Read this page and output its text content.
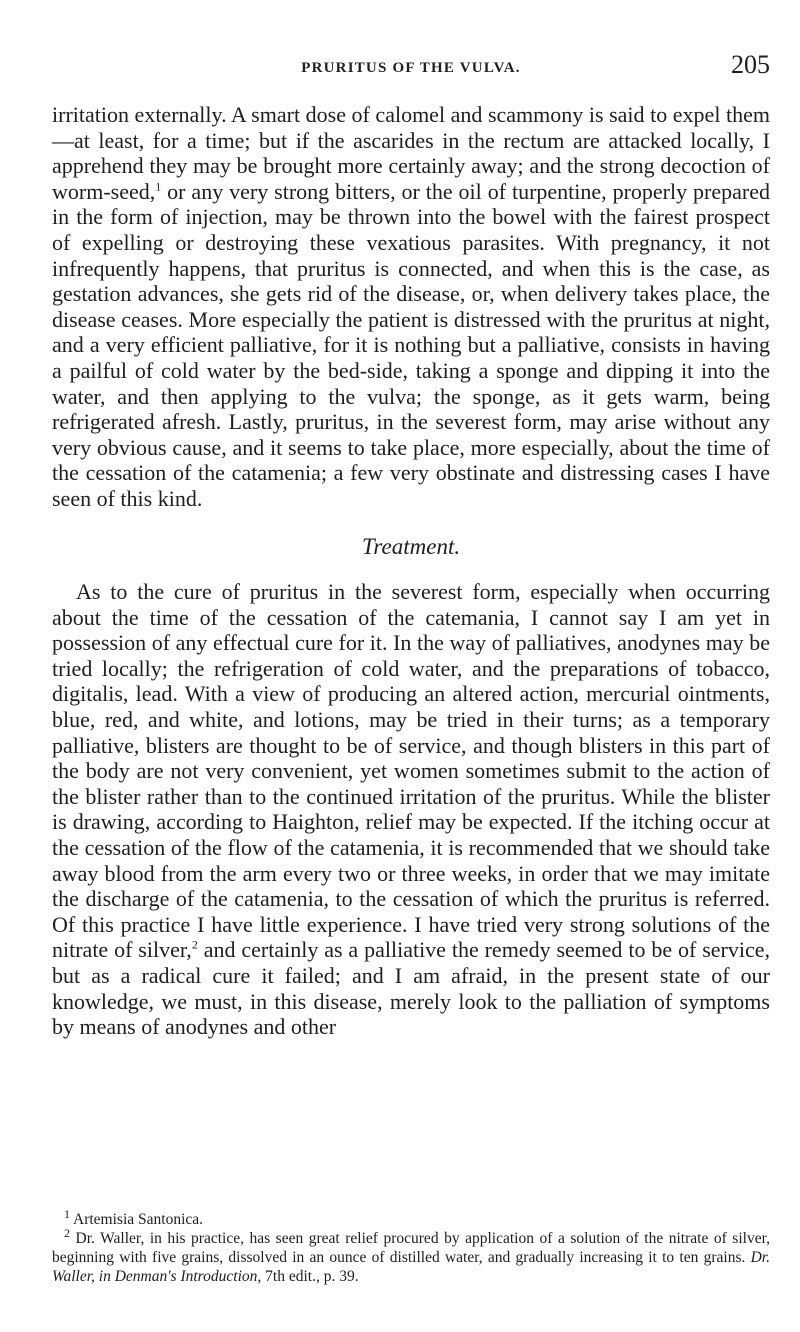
PRURITUS OF THE VULVA.	205

irritation externally. A smart dose of calomel and scammony is said to expel them—at least, for a time; but if the ascarides in the rectum are attacked locally, I apprehend they may be brought more certainly away; and the strong decoction of worm-seed,$^1$ or any very strong bitters, or the oil of turpentine, properly prepared in the form of injection, may be thrown into the bowel with the fairest prospect of expelling or destroying these vexatious parasites. With pregnancy, it not infrequently happens, that pruritus is connected, and when this is the case, as gestation advances, she gets rid of the disease, or, when delivery takes place, the disease ceases. More especially the patient is distressed with the pruritus at night, and a very efficient palliative, for it is nothing but a palliative, consists in having a pailful of cold water by the bed-side, taking a sponge and dipping it into the water, and then applying to the vulva; the sponge, as it gets warm, being refrigerated afresh. Lastly, pruritus, in the severest form, may arise without any very obvious cause, and it seems to take place, more especially, about the time of the cessation of the catamenia; a few very obstinate and distressing cases I have seen of this kind.

Treatment.

As to the cure of pruritus in the severest form, especially when occurring about the time of the cessation of the catemania, I cannot say I am yet in possession of any effectual cure for it. In the way of palliatives, anodynes may be tried locally; the refrigeration of cold water, and the preparations of tobacco, digitalis, lead. With a view of producing an altered action, mercurial ointments, blue, red, and white, and lotions, may be tried in their turns; as a temporary palliative, blisters are thought to be of service, and though blisters in this part of the body are not very convenient, yet women sometimes submit to the action of the blister rather than to the continued irritation of the pruritus. While the blister is drawing, according to Haighton, relief may be expected. If the itching occur at the cessation of the flow of the catamenia, it is recommended that we should take away blood from the arm every two or three weeks, in order that we may imitate the discharge of the catamenia, to the cessation of which the pruritus is referred. Of this practice I have little experience. I have tried very strong solutions of the nitrate of silver,$^2$ and certainly as a palliative the remedy seemed to be of service, but as a radical cure it failed; and I am afraid, in the present state of our knowledge, we must, in this disease, merely look to the palliation of symptoms by means of anodynes and other

$^1$ Artemisia Santonica.

$^2$ Dr. Waller, in his practice, has seen great relief procured by application of a solution of the nitrate of silver, beginning with five grains, dissolved in an ounce of distilled water, and gradually increasing it to ten grains. Dr. Waller, in Denman's Introduction, 7th edit., p. 39.
